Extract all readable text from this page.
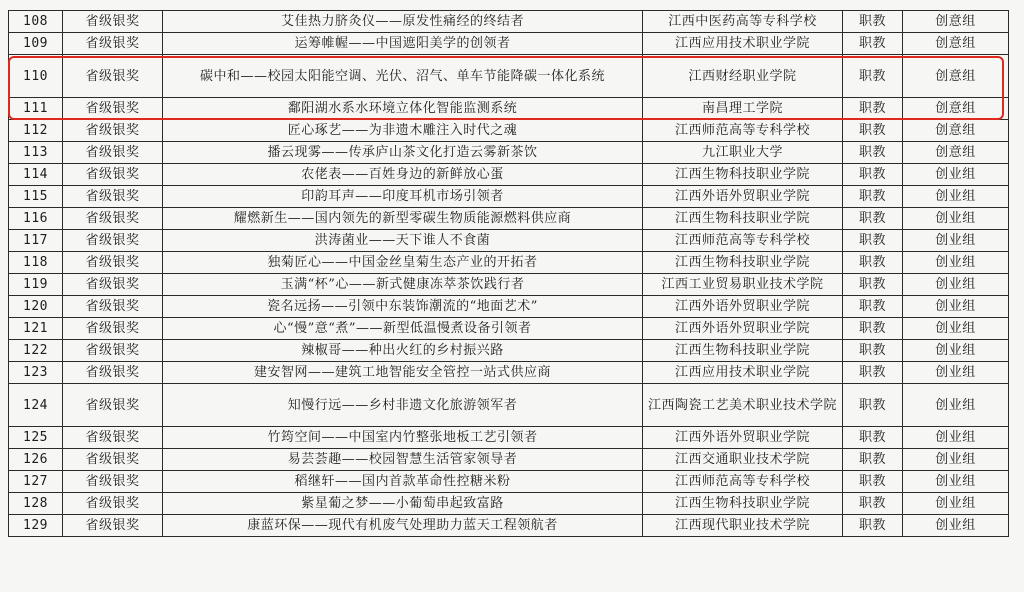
108	省级银奖	艾佳热力脐灸仪——原发性痛经的终结者	江西中医药高等专科学校	职教	创意组
109	省级银奖	运筹帷幄——中国遮阳美学的创领者	江西应用技术职业学院	职教	创意组
110	省级银奖	碳中和——校园太阳能空调、光伏、沼气、单车节能降碳一体化系统	江西财经职业学院	职教	创意组
111	省级银奖	鄱阳湖水系水环境立体化智能监测系统	南昌理工学院	职教	创意组
112	省级银奖	匠心琢艺——为非遗木雕注入时代之魂	江西师范高等专科学校	职教	创意组
113	省级银奖	播云现雾——传承庐山茶文化打造云雾新茶饮	九江职业大学	职教	创意组
114	省级银奖	农佬表——百姓身边的新鲜放心蛋	江西生物科技职业学院	职教	创业组
115	省级银奖	印韵耳声——印度耳机市场引领者	江西外语外贸职业学院	职教	创业组
116	省级银奖	耀燃新生——国内领先的新型零碳生物质能源燃料供应商	江西生物科技职业学院	职教	创业组
117	省级银奖	洪涛菌业——天下谁人不食菌	江西师范高等专科学校	职教	创业组
118	省级银奖	独菊匠心——中国金丝皇菊生态产业的开拓者	江西生物科技职业学院	职教	创业组
119	省级银奖	玉满“杯”心——新式健康冻萃茶饮践行者	江西工业贸易职业技术学院	职教	创业组
120	省级银奖	瓷名远扬——引领中东装饰潮流的“地面艺术”	江西外语外贸职业学院	职教	创业组
121	省级银奖	心“慢”意“煮”——新型低温慢煮设备引领者	江西外语外贸职业学院	职教	创业组
122	省级银奖	辣椒哥——种出火红的乡村振兴路	江西生物科技职业学院	职教	创业组
123	省级银奖	建安智网——建筑工地智能安全管控一站式供应商	江西应用技术职业学院	职教	创业组
124	省级银奖	知慢行远——乡村非遗文化旅游领军者	江西陶瓷工艺美术职业技术学院	职教	创业组
125	省级银奖	竹筠空间——中国室内竹整张地板工艺引领者	江西外语外贸职业学院	职教	创业组
126	省级银奖	易芸荟趣——校园智慧生活管家领导者	江西交通职业技术学院	职教	创业组
127	省级银奖	稻继轩——国内首款革命性控糖米粉	江西师范高等专科学校	职教	创业组
128	省级银奖	紫星葡之梦——小葡萄串起致富路	江西生物科技职业学院	职教	创业组
129	省级银奖	康蓝环保——现代有机废气处理助力蓝天工程领航者	江西现代职业技术学院	职教	创业组
